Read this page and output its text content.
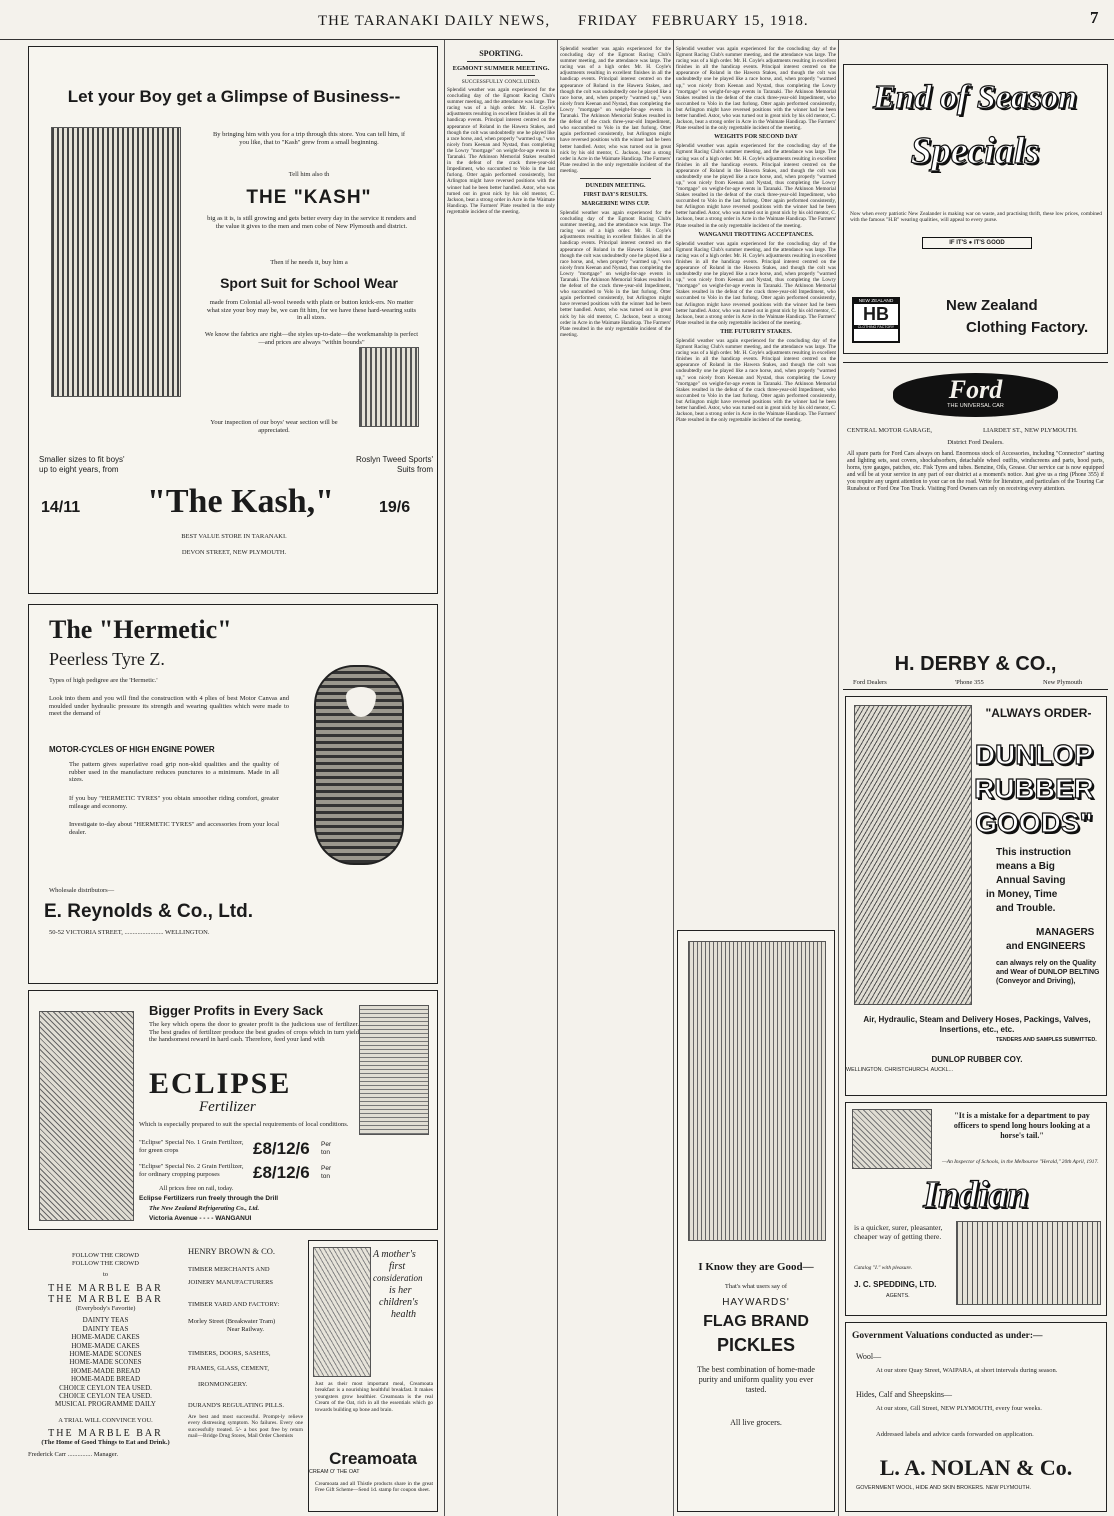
THE TARANAKI DAILY NEWS, FRIDAY FEBRUARY 15, 1918.	7
Let your Boy get a Glimpse of Business--
By bringing him with you for a trip through this store. You can tell him, if you like, that to "Kash" grew from a small beginning.
Tell him also th
THE "KASH"
big as it is, is still growing and gets better every day in the service it renders and the value it gives to the men and men cobe of New Plymouth and district.
Then if he needs it, buy him a
Sport Suit for School Wear
made from Colonial all-wool tweeds with plain or button knick-ers. No matter what size your boy may be, we can fit him, for we have these hard-wearing suits in all sizes.
We know the fabrics are right—the styles up-to-date—the workmanship is perfect—and prices are always "within bounds"
Your inspection of our boys' wear section will be appreciated.
Smaller sizes to fit boys' up to eight years, from
14/11 "The Kash,"
Roslyn Tweed Sports' Suits from
19/6
BEST VALUE STORE IN TARANAKI.
DEVON STREET, NEW PLYMOUTH.
The "Hermetic"
Peerless Tyre Z.
Types of high pedigree are the 'Hermetic.'
Look into them and you will find the construction with 4 plies of best Motor Canvas and moulded under hydraulic pressure its strength and wearing qualities which were made to meet the demand of
MOTOR-CYCLES OF HIGH ENGINE POWER
The pattern gives superlative road grip non-skid qualities and the quality of rubber used in the manufacture reduces punctures to a minimum. Made in all sizes.
If you buy "HERMETIC TYRES" you obtain smoother riding comfort, greater mileage and economy.
Investigate to-day about "HERMETIC TYRES" and accessories from your local dealer.
Wholesale distributors—
E. Reynolds & Co., Ltd.
50-52 VICTORIA STREET, ........................ WELLINGTON.
Bigger Profits in Every Sack
The key which opens the door to greater profit is the judicious use of fertilizer. The best grades of fertilizer produce the best grades of crops which in turn yield the handsomest reward in hard cash. Therefore, feed your land with
ECLIPSE
Fertilizer
Which is especially prepared to suit the special requirements of local conditions.
"Eclipse" Special No. 1 Grain Fertilizer, for green crops	£8/12/6 Per ton
"Eclipse" Special No. 2 Grain Fertilizer, for ordinary cropping purposes	£8/12/6 Per ton
All prices free on rail, today.
Eclipse Fertilizers run freely through the Drill
The New Zealand Refrigerating Co., Ltd.
Victoria Avenue - - - - WANGANUI
FOLLOW THE CROWD
FOLLOW THE CROWD
to
THE MARBLE BAR
THE MARBLE BAR
(Everybody's Favorite)
DAINTY TEAS
DAINTY TEAS
HOME-MADE CAKES
HOME-MADE CAKES
HOME-MADE SCONES
HOME-MADE SCONES
HOME-MADE BREAD
HOME-MADE BREAD
CHOICE CEYLON TEA USED.
CHOICE CEYLON TEA USED.
MUSICAL PROGRAMME DAILY
A TRIAL WILL CONVINCE YOU.
THE MARBLE BAR
(The Home of Good Things to Eat and Drink.)
Frederick Carr ............... Manager.
HENRY BROWN & CO.
TIMBER MERCHANTS AND
JOINERY MANUFACTURERS
TIMBER YARD AND FACTORY:
Morley Street (Breakwater Tram)
Near Railway.
TIMBERS, DOORS, SASHES,
FRAMES, GLASS, CEMENT,
IRONMONGERY.
DURAND'S REGULATING PILLS.
Are best and most successful. Prompt-ly relieve every distressing symptom. No failures. Every one successfully treated. 5/- a box post free by return mail—Bridge Drug Stores, Mail Order Chemists
A mother's
first
consideration
is her
children's
health
Just as their most important meal, Creamoata breakfast is a nourishing healthful breakfast. It makes youngsters grow healthier. Creamoata is the real Cream of the Oat, rich in all the essentials which go towards building up bone and brain.
Creamoata
CREAM O' THE OAT
Creamoata and all Thistle products share in the great Free Gift Scheme—Send 1d. stamp for coupon sheet.
SPORTING.
EGMONT SUMMER MEETING.
SUCCESSFULLY CONCLUDED.

Splendid weather was again experienced for the concluding day of the Egmont Racing Club's summer meeting, and the attendance was large. The racing was of a high order. Mr. H. Coyle's adjustments resulting in excellent finishes in all the handicap events. Principal interest centred on the appearance of Roland in the Hawera Stakes, and though the colt was undoubtedly one he played like a race horse, and, when properly "warmed up," won nicely from Keenan and Nystad, thus completing the Lowry "mortgage" on weight-for-age events in Taranaki. The Atkinson Memorial Stakes resulted in the defeat of the crack three-year-old Impediment, who succumbed to Volo in the last furlong. Otter again performed consistently, but Arlington might have reversed positions with the winner had he been better handled. Astor, who was turned out in great nick by his old mentor, C. Jackson, beat a strong order in Acre in the Waimate Handicap. The Farmers' Plate resulted in the only regrettable incident of the meeting.

Splendid weather was again experienced for the concluding day of the Egmont Racing Club's summer meeting, and the attendance was large. The racing was of a high order. Mr. H. Coyle's adjustments resulting in excellent finishes in all the handicap events. Principal interest centred on the appearance of Roland in the Hawera Stakes, and though the colt was undoubtedly one he played like a race horse, and, when properly "warmed up," won nicely from Keenan and Nystad, thus completing the Lowry "mortgage" on weight-for-age events in Taranaki. The Atkinson Memorial Stakes resulted in the defeat of the crack three-year-old Impediment, who succumbed to Volo in the last furlong. Otter again performed consistently, but Arlington might have reversed positions with the winner had he been better handled. Astor, who was turned out in great nick by his old mentor, C. Jackson, beat a strong order in Acre in the Waimate Handicap. The Farmers' Plate resulted in the only regrettable incident of the meeting.

DUNEDIN MEETING.
FIRST DAY'S RESULTS.
MARGERINE WINS CUP.

Splendid weather was again experienced for the concluding day of the Egmont Racing Club's summer meeting, and the attendance was large. The racing was of a high order. Mr. H. Coyle's adjustments resulting in excellent finishes in all the handicap events. Principal interest centred on the appearance of Roland in the Hawera Stakes, and though the colt was undoubtedly one he played like a race horse, and, when properly "warmed up," won nicely from Keenan and Nystad, thus completing the Lowry "mortgage" on weight-for-age events in Taranaki. The Atkinson Memorial Stakes resulted in the defeat of the crack three-year-old Impediment, who succumbed to Volo in the last furlong. Otter again performed consistently, but Arlington might have reversed positions with the winner had he been better handled. Astor, who was turned out in great nick by his old mentor, C. Jackson, beat a strong order in Acre in the Waimate Handicap. The Farmers' Plate resulted in the only regrettable incident of the meeting.

Splendid weather was again experienced for the concluding day of the Egmont Racing Club's summer meeting, and the attendance was large. The racing was of a high order. Mr. H. Coyle's adjustments resulting in excellent finishes in all the handicap events. Principal interest centred on the appearance of Roland in the Hawera Stakes, and though the colt was undoubtedly one he played like a race horse, and, when properly "warmed up," won nicely from Keenan and Nystad, thus completing the Lowry "mortgage" on weight-for-age events in Taranaki. The Atkinson Memorial Stakes resulted in the defeat of the crack three-year-old Impediment, who succumbed to Volo in the last furlong. Otter again performed consistently, but Arlington might have reversed positions with the winner had he been better handled. Astor, who was turned out in great nick by his old mentor, C. Jackson, beat a strong order in Acre in the Waimate Handicap. The Farmers' Plate resulted in the only regrettable incident of the meeting.

WEIGHTS FOR SECOND DAY

Splendid weather was again experienced for the concluding day of the Egmont Racing Club's summer meeting, and the attendance was large. The racing was of a high order. Mr. H. Coyle's adjustments resulting in excellent finishes in all the handicap events. Principal interest centred on the appearance of Roland in the Hawera Stakes, and though the colt was undoubtedly one he played like a race horse, and, when properly "warmed up," won nicely from Keenan and Nystad, thus completing the Lowry "mortgage" on weight-for-age events in Taranaki. The Atkinson Memorial Stakes resulted in the defeat of the crack three-year-old Impediment, who succumbed to Volo in the last furlong. Otter again performed consistently, but Arlington might have reversed positions with the winner had he been better handled. Astor, who was turned out in great nick by his old mentor, C. Jackson, beat a strong order in Acre in the Waimate Handicap. The Farmers' Plate resulted in the only regrettable incident of the meeting.

WANGANUI TROTTING ACCEPTANCES.

Splendid weather was again experienced for the concluding day of the Egmont Racing Club's summer meeting, and the attendance was large. The racing was of a high order. Mr. H. Coyle's adjustments resulting in excellent finishes in all the handicap events. Principal interest centred on the appearance of Roland in the Hawera Stakes, and though the colt was undoubtedly one he played like a race horse, and, when properly "warmed up," won nicely from Keenan and Nystad, thus completing the Lowry "mortgage" on weight-for-age events in Taranaki. The Atkinson Memorial Stakes resulted in the defeat of the crack three-year-old Impediment, who succumbed to Volo in the last furlong. Otter again performed consistently, but Arlington might have reversed positions with the winner had he been better handled. Astor, who was turned out in great nick by his old mentor, C. Jackson, beat a strong order in Acre in the Waimate Handicap. The Farmers' Plate resulted in the only regrettable incident of the meeting.

THE FUTURITY STAKES.

Splendid weather was again experienced for the concluding day of the Egmont Racing Club's summer meeting, and the attendance was large. The racing was of a high order. Mr. H. Coyle's adjustments resulting in excellent finishes in all the handicap events. Principal interest centred on the appearance of Roland in the Hawera Stakes, and though the colt was undoubtedly one he played like a race horse, and, when properly "warmed up," won nicely from Keenan and Nystad, thus completing the Lowry "mortgage" on weight-for-age events in Taranaki. The Atkinson Memorial Stakes resulted in the defeat of the crack three-year-old Impediment, who succumbed to Volo in the last furlong. Otter again performed consistently, but Arlington might have reversed positions with the winner had he been better handled. Astor, who was turned out in great nick by his old mentor, C. Jackson, beat a strong order in Acre in the Waimate Handicap. The Farmers' Plate resulted in the only regrettable incident of the meeting.

I Know they are Good—
That's what users say of
HAYWARDS'
FLAG BRAND
PICKLES
The best combination of home-made purity and uniform quality you ever tasted.
All live grocers.
End of Season
Specials
Now when every patriotic New Zealander is making war on waste, and practising thrift, these low prices, combined with the famous "H.B" wearing qualities, will appeal to every purse.
IF IT'S ● IT'S GOOD
NEW ZEALAND
HB
CLOTHING FACTORY
New Zealand
Clothing Factory.
Ford
THE UNIVERSAL CAR
CENTRAL MOTOR GARAGE,	LIARDET ST., NEW PLYMOUTH.
District Ford Dealers.
All spare parts for Ford Cars always on hand. Enormous stock of Accessories, including "Connector" starting and lighting sets, seat covers, shockabsorbers, detachable wheel outfits, windscreens and parts, hood parts, horns, tyre gauges, patches, etc. Fisk Tyres and tubes. Benzine, Oils, Grease. Our service car is now equipped and will be at your service in any part of our district at a moment's notice. Just give us a ring (Phone 355) if you require any urgent attention to your car on the road. Write for literature, and particulars of the Touring Car Runabout or Ford One Ton Truck. Visiting Ford Owners can rely on receiving every attention.
H. DERBY & CO.,
Ford Dealers	'Phone 355	New Plymouth
"ALWAYS ORDER-
DUNLOP
RUBBER
GOODS"
This instruction
means a Big
Annual Saving
in Money, Time
and Trouble.
MANAGERS
and ENGINEERS
can always rely on the Quality and Wear of DUNLOP BELTING (Conveyor and Driving),
Air, Hydraulic, Steam and Delivery Hoses, Packings, Valves, Insertions, etc., etc.
TENDERS AND SAMPLES SUBMITTED.
DUNLOP RUBBER COY.
WELLINGTON. CHRISTCHURCH. AUCKL...
"It is a mistake for a department to pay officers to spend long hours looking at a horse's tail."
—An Inspector of Schools, in the Melbourne "Herald," 20th April, 1917.
Indian
is a quicker, surer, pleasanter, cheaper way of getting there.
Catalog "I." with pleasure.
J. C. SPEDDING, LTD.
AGENTS.
Government Valuations conducted as under:—
Wool—
At our store Quay Street, WAIPARA, at short intervals during season.
Hides, Calf and Sheepskins—
At our store, Gill Street, NEW PLYMOUTH, every four weeks.
Addressed labels and advice cards forwarded on application.
L. A. NOLAN & Co.
GOVERNMENT WOOL, HIDE AND SKIN BROKERS. NEW PLYMOUTH.
